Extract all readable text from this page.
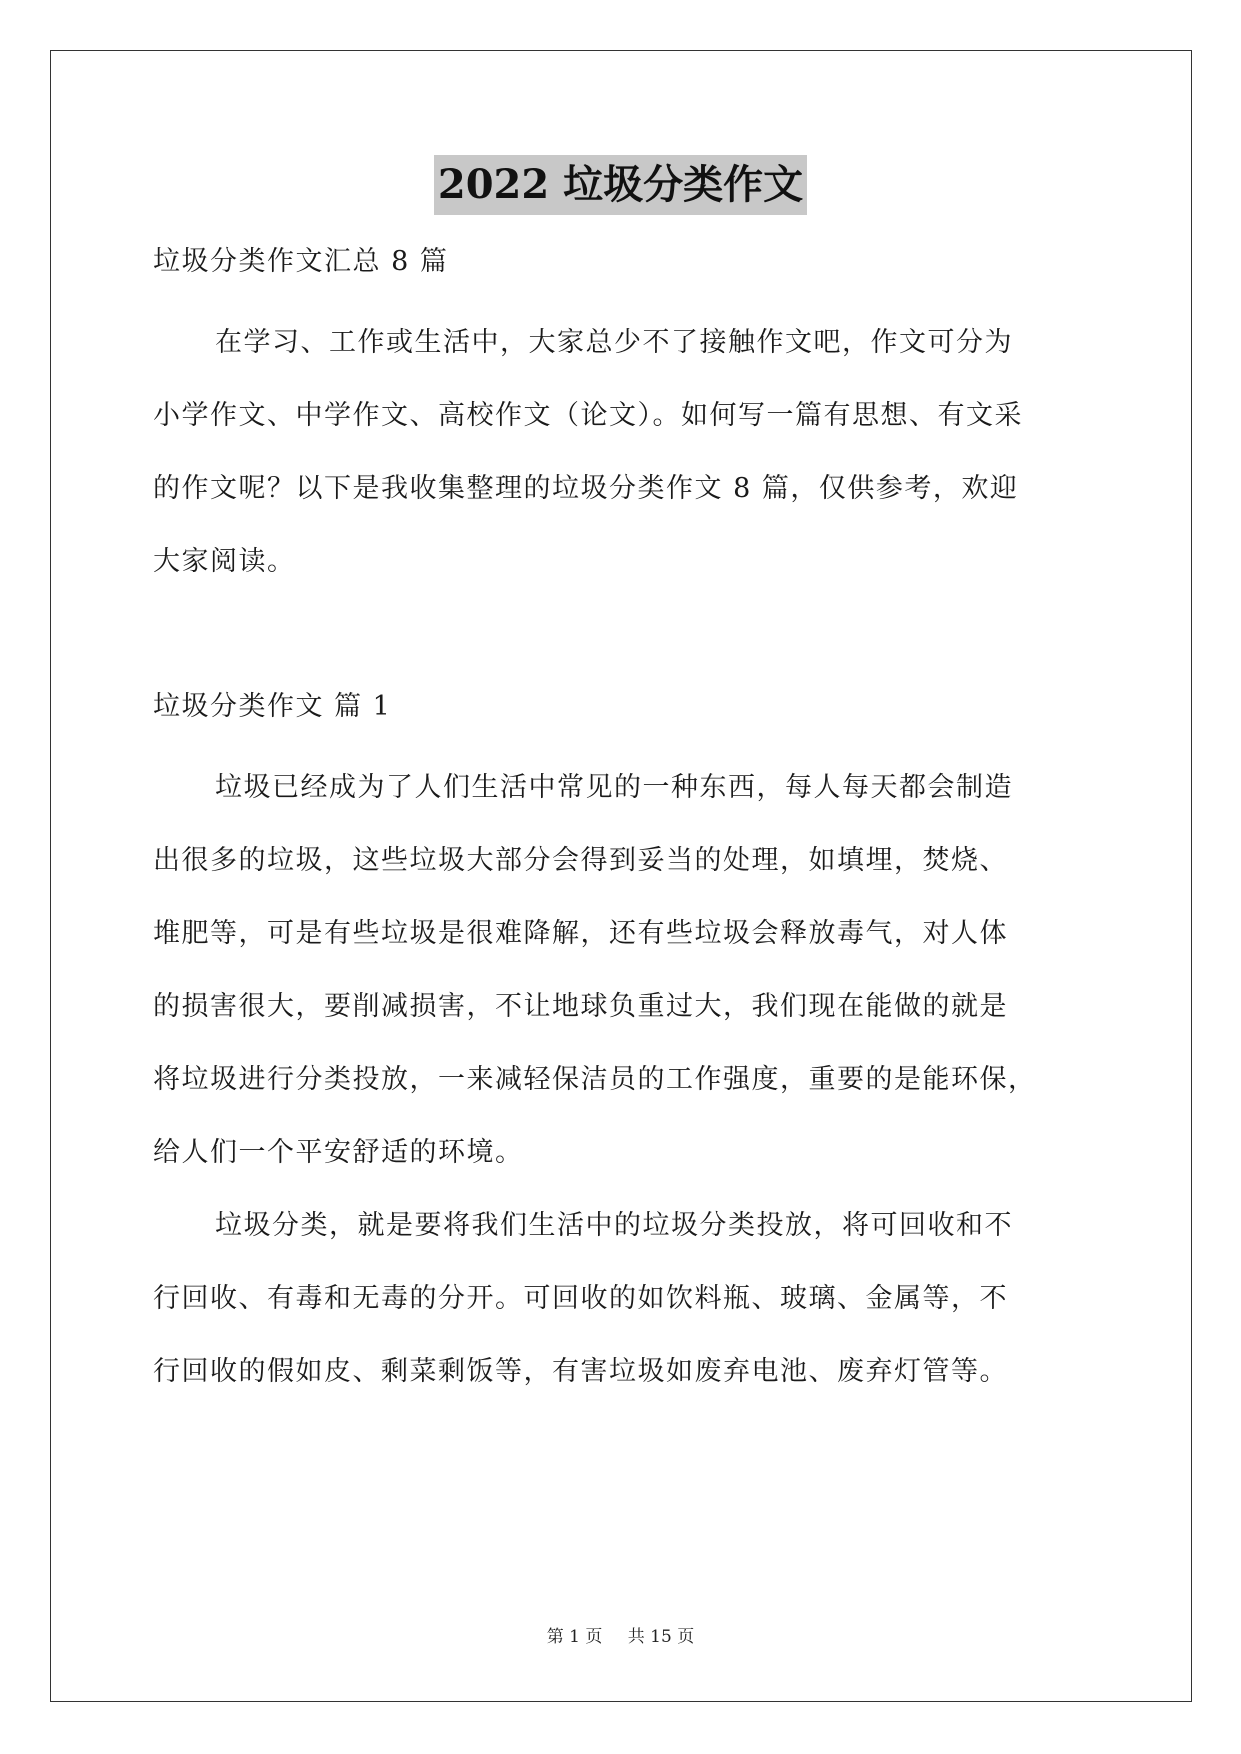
2022 垃圾分类作文
垃圾分类作文汇总 8 篇
在学习、工作或生活中，大家总少不了接触作文吧，作文可分为
小学作文、中学作文、高校作文（论文）。如何写一篇有思想、有文采
的作文呢？以下是我收集整理的垃圾分类作文 8 篇，仅供参考，欢迎
大家阅读。
垃圾分类作文 篇 1
垃圾已经成为了人们生活中常见的一种东西，每人每天都会制造
出很多的垃圾，这些垃圾大部分会得到妥当的处理，如填埋，焚烧、
堆肥等，可是有些垃圾是很难降解，还有些垃圾会释放毒气，对人体
的损害很大，要削减损害，不让地球负重过大，我们现在能做的就是
将垃圾进行分类投放，一来减轻保洁员的工作强度，重要的是能环保，
给人们一个平安舒适的环境。
垃圾分类，就是要将我们生活中的垃圾分类投放，将可回收和不
行回收、有毒和无毒的分开。可回收的如饮料瓶、玻璃、金属等，不
行回收的假如皮、剩菜剩饭等，有害垃圾如废弃电池、废弃灯管等。
第 1 页 共 15 页
